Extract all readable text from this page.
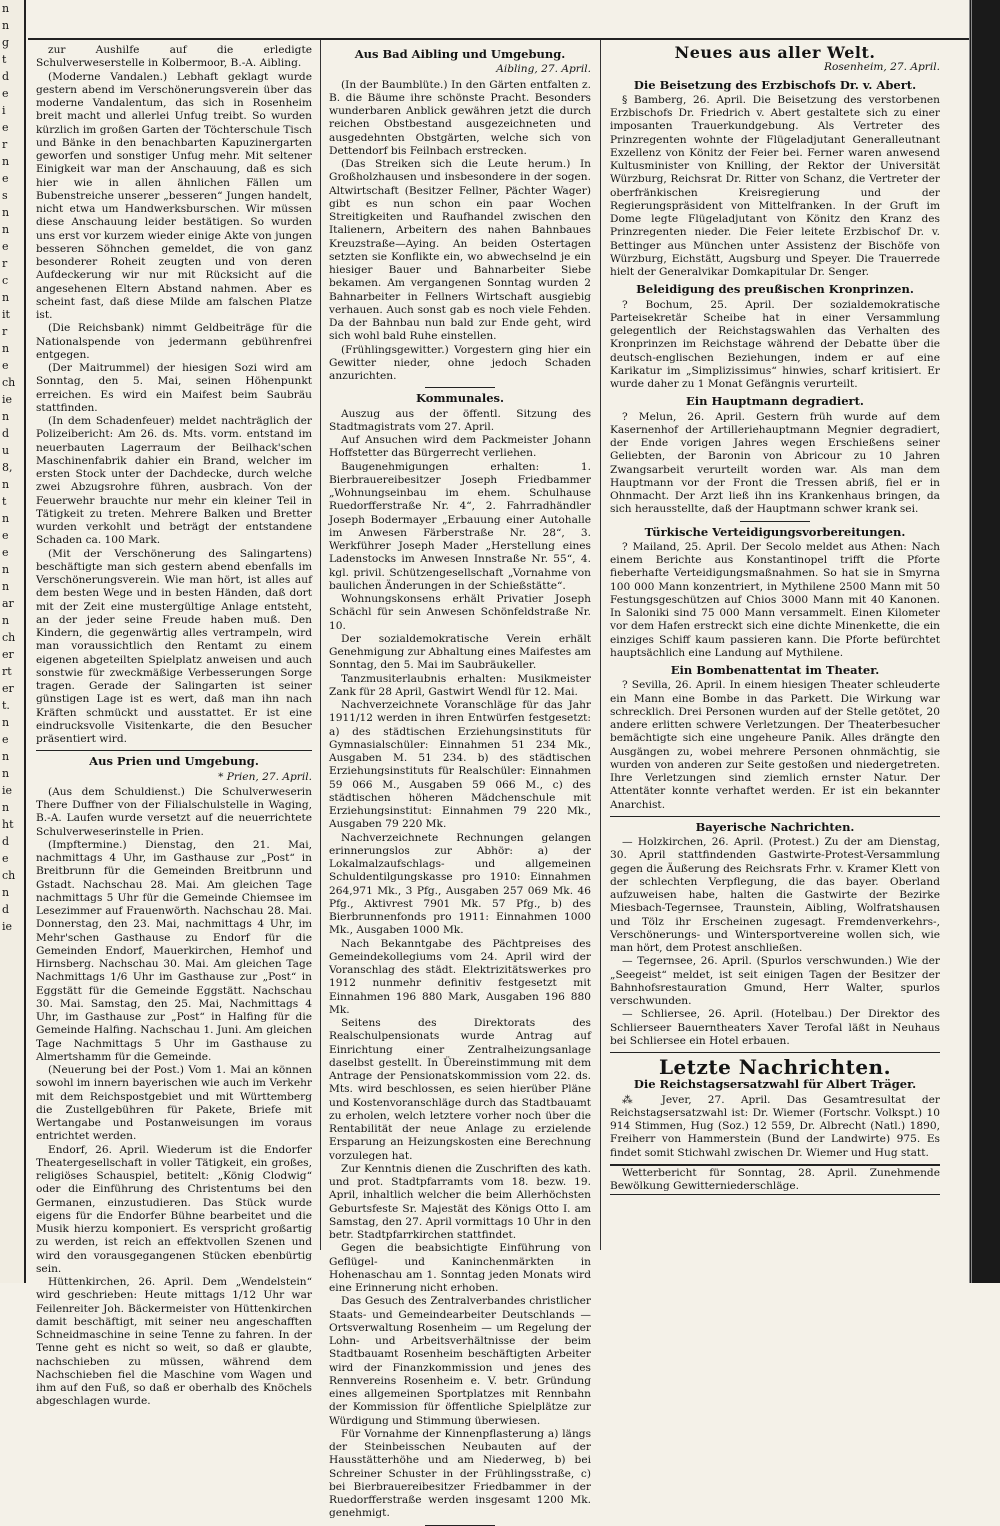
n
n
g
t
d
e
i
e
r
n
e
s
n
n
e
r
c
n
it
r
n
e
ch
ie
n
d
u
8,
n
t
n
e
e
n
n
ar
n
ch
er
rt
er
t.
n
e
n
n
ie
n
ht
d
e
ch
n
d
ie

zur Aushilfe auf die erledigte Schulverweserstelle in Kolbermoor, B.-A. Aibling.

(Moderne Vandalen.) Lebhaft geklagt wurde gestern abend im Verschönerungsverein über das moderne Vandalentum, das sich in Rosenheim breit macht und allerlei Unfug treibt. So wurden kürzlich im großen Garten der Töchterschule Tisch und Bänke in den benachbarten Kapuzinergarten geworfen und sonstiger Unfug mehr. Mit seltener Einigkeit war man der Anschauung, daß es sich hier wie in allen ähnlichen Fällen um Bubenstreiche unserer „besseren“ Jungen handelt, nicht etwa um Handwerksburschen. Wir müssen diese Anschauung leider bestätigen. So wurden uns erst vor kurzem wieder einige Akte von jungen besseren Söhnchen gemeldet, die von ganz besonderer Roheit zeugten und von deren Aufdeckerung wir nur mit Rücksicht auf die angesehenen Eltern Abstand nahmen. Aber es scheint fast, daß diese Milde am falschen Platze ist.

(Die Reichsbank) nimmt Geldbeiträge für die Nationalspende von jedermann gebührenfrei entgegen.

(Der Maitrummel) der hiesigen Sozi wird am Sonntag, den 5. Mai, seinen Höhenpunkt erreichen. Es wird ein Maifest beim Saubräu stattfinden.

(In dem Schadenfeuer) meldet nachträglich der Polizeibericht: Am 26. ds. Mts. vorm. entstand im neuerbauten Lagerraum der Beilhack'schen Maschinenfabrik dahier ein Brand, welcher im ersten Stock unter der Dachdecke, durch welche zwei Abzugsrohre führen, ausbrach. Von der Feuerwehr brauchte nur mehr ein kleiner Teil in Tätigkeit zu treten. Mehrere Balken und Bretter wurden verkohlt und beträgt der entstandene Schaden ca. 100 Mark.

(Mit der Verschönerung des Salingartens) beschäftigte man sich gestern abend ebenfalls im Verschönerungsverein. Wie man hört, ist alles auf dem besten Wege und in besten Händen, daß dort mit der Zeit eine mustergültige Anlage entsteht, an der jeder seine Freude haben muß. Den Kindern, die gegenwärtig alles vertrampeln, wird man voraussichtlich den Rentamt zu einem eigenen abgeteilten Spielplatz anweisen und auch sonstwie für zweckmäßige Verbesserungen Sorge tragen. Gerade der Salingarten ist seiner günstigen Lage ist es wert, daß man ihn nach Kräften schmückt und ausstattet. Er ist eine eindrucksvolle Visitenkarte, die den Besucher präsentiert wird.

Aus Prien und Umgebung.
* Prien, 27. April.

(Aus dem Schuldienst.) Die Schulverweserin There Duffner von der Filialschulstelle in Waging, B.-A. Laufen wurde versetzt auf die neuerrichtete Schulverweserinstelle in Prien.

(Impftermine.) Dienstag, den 21. Mai, nachmittags 4 Uhr, im Gasthause zur „Post“ in Breitbrunn für die Gemeinden Breitbrunn und Gstadt. Nachschau 28. Mai. Am gleichen Tage nachmittags 5 Uhr für die Gemeinde Chiemsee im Lesezimmer auf Frauenwörth. Nachschau 28. Mai. Donnerstag, den 23. Mai, nachmittags 4 Uhr, im Mehr'schen Gasthause zu Endorf für die Gemeinden Endorf, Mauerkirchen, Hemhof und Hirnsberg. Nachschau 30. Mai. Am gleichen Tage Nachmittags 1/6 Uhr im Gasthause zur „Post“ in Eggstätt für die Gemeinde Eggstätt. Nachschau 30. Mai. Samstag, den 25. Mai, Nachmittags 4 Uhr, im Gasthause zur „Post“ in Halfing für die Gemeinde Halfing. Nachschau 1. Juni. Am gleichen Tage Nachmittags 5 Uhr im Gasthause zu Almertshamm für die Gemeinde.

(Neuerung bei der Post.) Vom 1. Mai an können sowohl im innern bayerischen wie auch im Verkehr mit dem Reichspostgebiet und mit Württemberg die Zustellgebühren für Pakete, Briefe mit Wertangabe und Postanweisungen im voraus entrichtet werden.

Endorf, 26. April. Wiederum ist die Endorfer Theatergesellschaft in voller Tätigkeit, ein großes, religiöses Schauspiel, betitelt: „König Clodwig“ oder die Einführung des Christentums bei den Germanen, einzustudieren. Das Stück wurde eigens für die Endorfer Bühne bearbeitet und die Musik hierzu komponiert. Es verspricht großartig zu werden, ist reich an effektvollen Szenen und wird den vorausgegangenen Stücken ebenbürtig sein.

Hüttenkirchen, 26. April. Dem „Wendelstein“ wird geschrieben: Heute mittags 1/12 Uhr war Feilenreiter Joh. Bäckermeister von Hüttenkirchen damit beschäftigt, mit seiner neu angeschafften Schneidmaschine in seine Tenne zu fahren. In der Tenne geht es nicht so weit, so daß er glaubte, nachschieben zu müssen, während dem Nachschieben fiel die Maschine vom Wagen und ihm auf den Fuß, so daß er oberhalb des Knöchels abgeschlagen wurde.

Aus Bad Aibling und Umgebung.
Aibling, 27. April.

(In der Baumblüte.) In den Gärten entfalten z. B. die Bäume ihre schönste Pracht. Besonders wunderbaren Anblick gewähren jetzt die durch reichen Obstbestand ausgezeichneten und ausgedehnten Obstgärten, welche sich von Dettendorf bis Feilnbach erstrecken.

(Das Streiken sich die Leute herum.) In Großholzhausen und insbesondere in der sogen. Altwirtschaft (Besitzer Fellner, Pächter Wager) gibt es nun schon ein paar Wochen Streitigkeiten und Raufhandel zwischen den Italienern, Arbeitern des nahen Bahnbaues Kreuzstraße—Aying. An beiden Ostertagen setzten sie Konflikte ein, wo abwechselnd je ein hiesiger Bauer und Bahnarbeiter Siebe bekamen. Am vergangenen Sonntag wurden 2 Bahnarbeiter in Fellners Wirtschaft ausgiebig verhauen. Auch sonst gab es noch viele Fehden. Da der Bahnbau nun bald zur Ende geht, wird sich wohl bald Ruhe einstellen.

(Frühlingsgewitter.) Vorgestern ging hier ein Gewitter nieder, ohne jedoch Schaden anzurichten.

Kommunales.

Auszug aus der öffentl. Sitzung des Stadtmagistrats vom 27. April.

Auf Ansuchen wird dem Packmeister Johann Hoffstetter das Bürgerrecht verliehen.

Baugenehmigungen erhalten: 1. Bierbrauereibesitzer Joseph Friedbammer „Wohnungseinbau im ehem. Schulhause Ruedorfferstraße Nr. 4“, 2. Fahrradhändler Joseph Bodermayer „Erbauung einer Autohalle im Anwesen Färberstraße Nr. 28“, 3. Werkführer Joseph Mader „Herstellung eines Ladenstocks im Anwesen Innstraße Nr. 55“, 4. kgl. privil. Schützengesellschaft „Vornahme von baulichen Änderungen in der Schießstätte“.

Wohnungskonsens erhält Privatier Joseph Schächl für sein Anwesen Schönfeldstraße Nr. 10.

Der sozialdemokratische Verein erhält Genehmigung zur Abhaltung eines Maifestes am Sonntag, den 5. Mai im Saubräukeller.

Tanzmusiterlaubnis erhalten: Musikmeister Zank für 28 April, Gastwirt Wendl für 12. Mai.

Nachverzeichnete Voranschläge für das Jahr 1911/12 werden in ihren Entwürfen festgesetzt: a) des städtischen Erziehungsinstituts für Gymnasialschüler: Einnahmen 51 234 Mk., Ausgaben M. 51 234. b) des städtischen Erziehungsinstituts für Realschüler: Einnahmen 59 066 M., Ausgaben 59 066 M., c) des städtischen höheren Mädchenschule mit Erziehungsinstitut: Einnahmen 79 220 Mk., Ausgaben 79 220 Mk.

Nachverzeichnete Rechnungen gelangen erinnerungslos zur Abhör: a) der Lokalmalzaufschlags- und allgemeinen Schuldentilgungskasse pro 1910: Einnahmen 264,971 Mk., 3 Pfg., Ausgaben 257 069 Mk. 46 Pfg., Aktivrest 7901 Mk. 57 Pfg., b) des Bierbrunnenfonds pro 1911: Einnahmen 1000 Mk., Ausgaben 1000 Mk.

Nach Bekanntgabe des Pächtpreises des Gemeindekollegiums vom 24. April wird der Voranschlag des städt. Elektrizitätswerkes pro 1912 nunmehr definitiv festgesetzt mit Einnahmen 196 880 Mark, Ausgaben 196 880 Mk.

Seitens des Direktorats des Realschulpensionats wurde Antrag auf Einrichtung einer Zentralheizungsanlage daselbst gestellt. In Übereinstimmung mit dem Antrage der Pensionatskommission vom 22. ds. Mts. wird beschlossen, es seien hierüber Pläne und Kostenvoranschläge durch das Stadtbauamt zu erholen, welch letztere vorher noch über die Rentabilität der neue Anlage zu erzielende Ersparung an Heizungskosten eine Berechnung vorzulegen hat.

Zur Kenntnis dienen die Zuschriften des kath. und prot. Stadtpfarramts vom 18. bezw. 19. April, inhaltlich welcher die beim Allerhöchsten Geburtsfeste Sr. Majestät des Königs Otto I. am Samstag, den 27. April vormittags 10 Uhr in den betr. Stadtpfarrkirchen stattfindet.

Gegen die beabsichtigte Einführung von Geflügel- und Kaninchenmärkten in Hohenaschau am 1. Sonntag jeden Monats wird eine Erinnerung nicht erhoben.

Das Gesuch des Zentralverbandes christlicher Staats- und Gemeindearbeiter Deutschlands — Ortsverwaltung Rosenheim — um Regelung der Lohn- und Arbeitsverhältnisse der beim Stadtbauamt Rosenheim beschäftigten Arbeiter wird der Finanzkommission und jenes des Rennvereins Rosenheim e. V. betr. Gründung eines allgemeinen Sportplatzes mit Rennbahn der Kommission für öffentliche Spielplätze zur Würdigung und Stimmung überwiesen.

Für Vornahme der Kinnenpflasterung a) längs der Steinbeisschen Neubauten auf der Hausstätterhöhe und am Niederweg, b) bei Schreiner Schuster in der Frühlingsstraße, c) bei Bierbrauereibesitzer Friedbammer in der Ruedorfferstraße werden insgesamt 1200 Mk. genehmigt.

Neues aus aller Welt.
Rosenheim, 27. April.
Die Beisetzung des Erzbischofs Dr. v. Abert.

§ Bamberg, 26. April. Die Beisetzung des verstorbenen Erzbischofs Dr. Friedrich v. Abert gestaltete sich zu einer imposanten Trauerkundgebung. Als Vertreter des Prinzregenten wohnte der Flügeladjutant Generalleutnant Exzellenz von Könitz der Feier bei. Ferner waren anwesend Kultusminister von Knilling, der Rektor der Universität Würzburg, Reichsrat Dr. Ritter von Schanz, die Vertreter der oberfränkischen Kreisregierung und der Regierungspräsident von Mittelfranken. In der Gruft im Dome legte Flügeladjutant von Könitz den Kranz des Prinzregenten nieder. Die Feier leitete Erzbischof Dr. v. Bettinger aus München unter Assistenz der Bischöfe von Würzburg, Eichstätt, Augsburg und Speyer. Die Trauerrede hielt der Generalvikar Domkapitular Dr. Senger.

Beleidigung des preußischen Kronprinzen.

? Bochum, 25. April. Der sozialdemokratische Parteisekretär Scheibe hat in einer Versammlung gelegentlich der Reichstagswahlen das Verhalten des Kronprinzen im Reichstage während der Debatte über die deutsch-englischen Beziehungen, indem er auf eine Karikatur im „Simplizissimus“ hinwies, scharf kritisiert. Er wurde daher zu 1 Monat Gefängnis verurteilt.

Ein Hauptmann degradiert.

? Melun, 26. April. Gestern früh wurde auf dem Kasernenhof der Artilleriehauptmann Megnier degradiert, der Ende vorigen Jahres wegen Erschießens seiner Geliebten, der Baronin von Abricour zu 10 Jahren Zwangsarbeit verurteilt worden war. Als man dem Hauptmann vor der Front die Tressen abriß, fiel er in Ohnmacht. Der Arzt ließ ihn ins Krankenhaus bringen, da sich herausstellte, daß der Hauptmann schwer krank sei.

Türkische Verteidigungsvorbereitungen.

? Mailand, 25. April. Der Secolo meldet aus Athen: Nach einem Berichte aus Konstantinopel trifft die Pforte fieberhafte Verteidigungsmaßnahmen. So hat sie in Smyrna 100 000 Mann konzentriert, in Mythilene 2500 Mann mit 50 Festungsgeschützen auf Chios 3000 Mann mit 40 Kanonen. In Saloniki sind 75 000 Mann versammelt. Einen Kilometer vor dem Hafen erstreckt sich eine dichte Minenkette, die ein einziges Schiff kaum passieren kann. Die Pforte befürchtet hauptsächlich eine Landung auf Mythilene.

Ein Bombenattentat im Theater.

? Sevilla, 26. April. In einem hiesigen Theater schleuderte ein Mann eine Bombe in das Parkett. Die Wirkung war schrecklich. Drei Personen wurden auf der Stelle getötet, 20 andere erlitten schwere Verletzungen. Der Theaterbesucher bemächtigte sich eine ungeheure Panik. Alles drängte den Ausgängen zu, wobei mehrere Personen ohnmächtig, sie wurden von anderen zur Seite gestoßen und niedergetreten. Ihre Verletzungen sind ziemlich ernster Natur. Der Attentäter konnte verhaftet werden. Er ist ein bekannter Anarchist.

Bayerische Nachrichten.

— Holzkirchen, 26. April. (Protest.) Zu der am Dienstag, 30. April stattfindenden Gastwirte-Protest-Versammlung gegen die Äußerung des Reichsrats Frhr. v. Kramer Klett von der schlechten Verpflegung, die das bayer. Oberland aufzuweisen habe, halten die Gastwirte der Bezirke Miesbach-Tegernsee, Traunstein, Aibling, Wolfratshausen und Tölz ihr Erscheinen zugesagt. Fremdenverkehrs-, Verschönerungs- und Wintersportvereine wollen sich, wie man hört, dem Protest anschließen.

— Tegernsee, 26. April. (Spurlos verschwunden.) Wie der „Seegeist“ meldet, ist seit einigen Tagen der Besitzer der Bahnhofsrestauration Gmund, Herr Walter, spurlos verschwunden.

— Schliersee, 26. April. (Hotelbau.) Der Direktor des Schlierseer Bauerntheaters Xaver Terofal läßt in Neuhaus bei Schliersee ein Hotel erbauen.

Letzte Nachrichten.
Die Reichstagsersatzwahl für Albert Träger.

⁂ Jever, 27. April. Das Gesamtresultat der Reichstagsersatzwahl ist: Dr. Wiemer (Fortschr. Volkspt.) 10 914 Stimmen, Hug (Soz.) 12 559, Dr. Albrecht (Natl.) 1890, Freiherr von Hammerstein (Bund der Landwirte) 975. Es findet somit Stichwahl zwischen Dr. Wiemer und Hug statt.

Wetterbericht für Sonntag, 28. April. Zunehmende Bewölkung Gewitterniederschläge.
